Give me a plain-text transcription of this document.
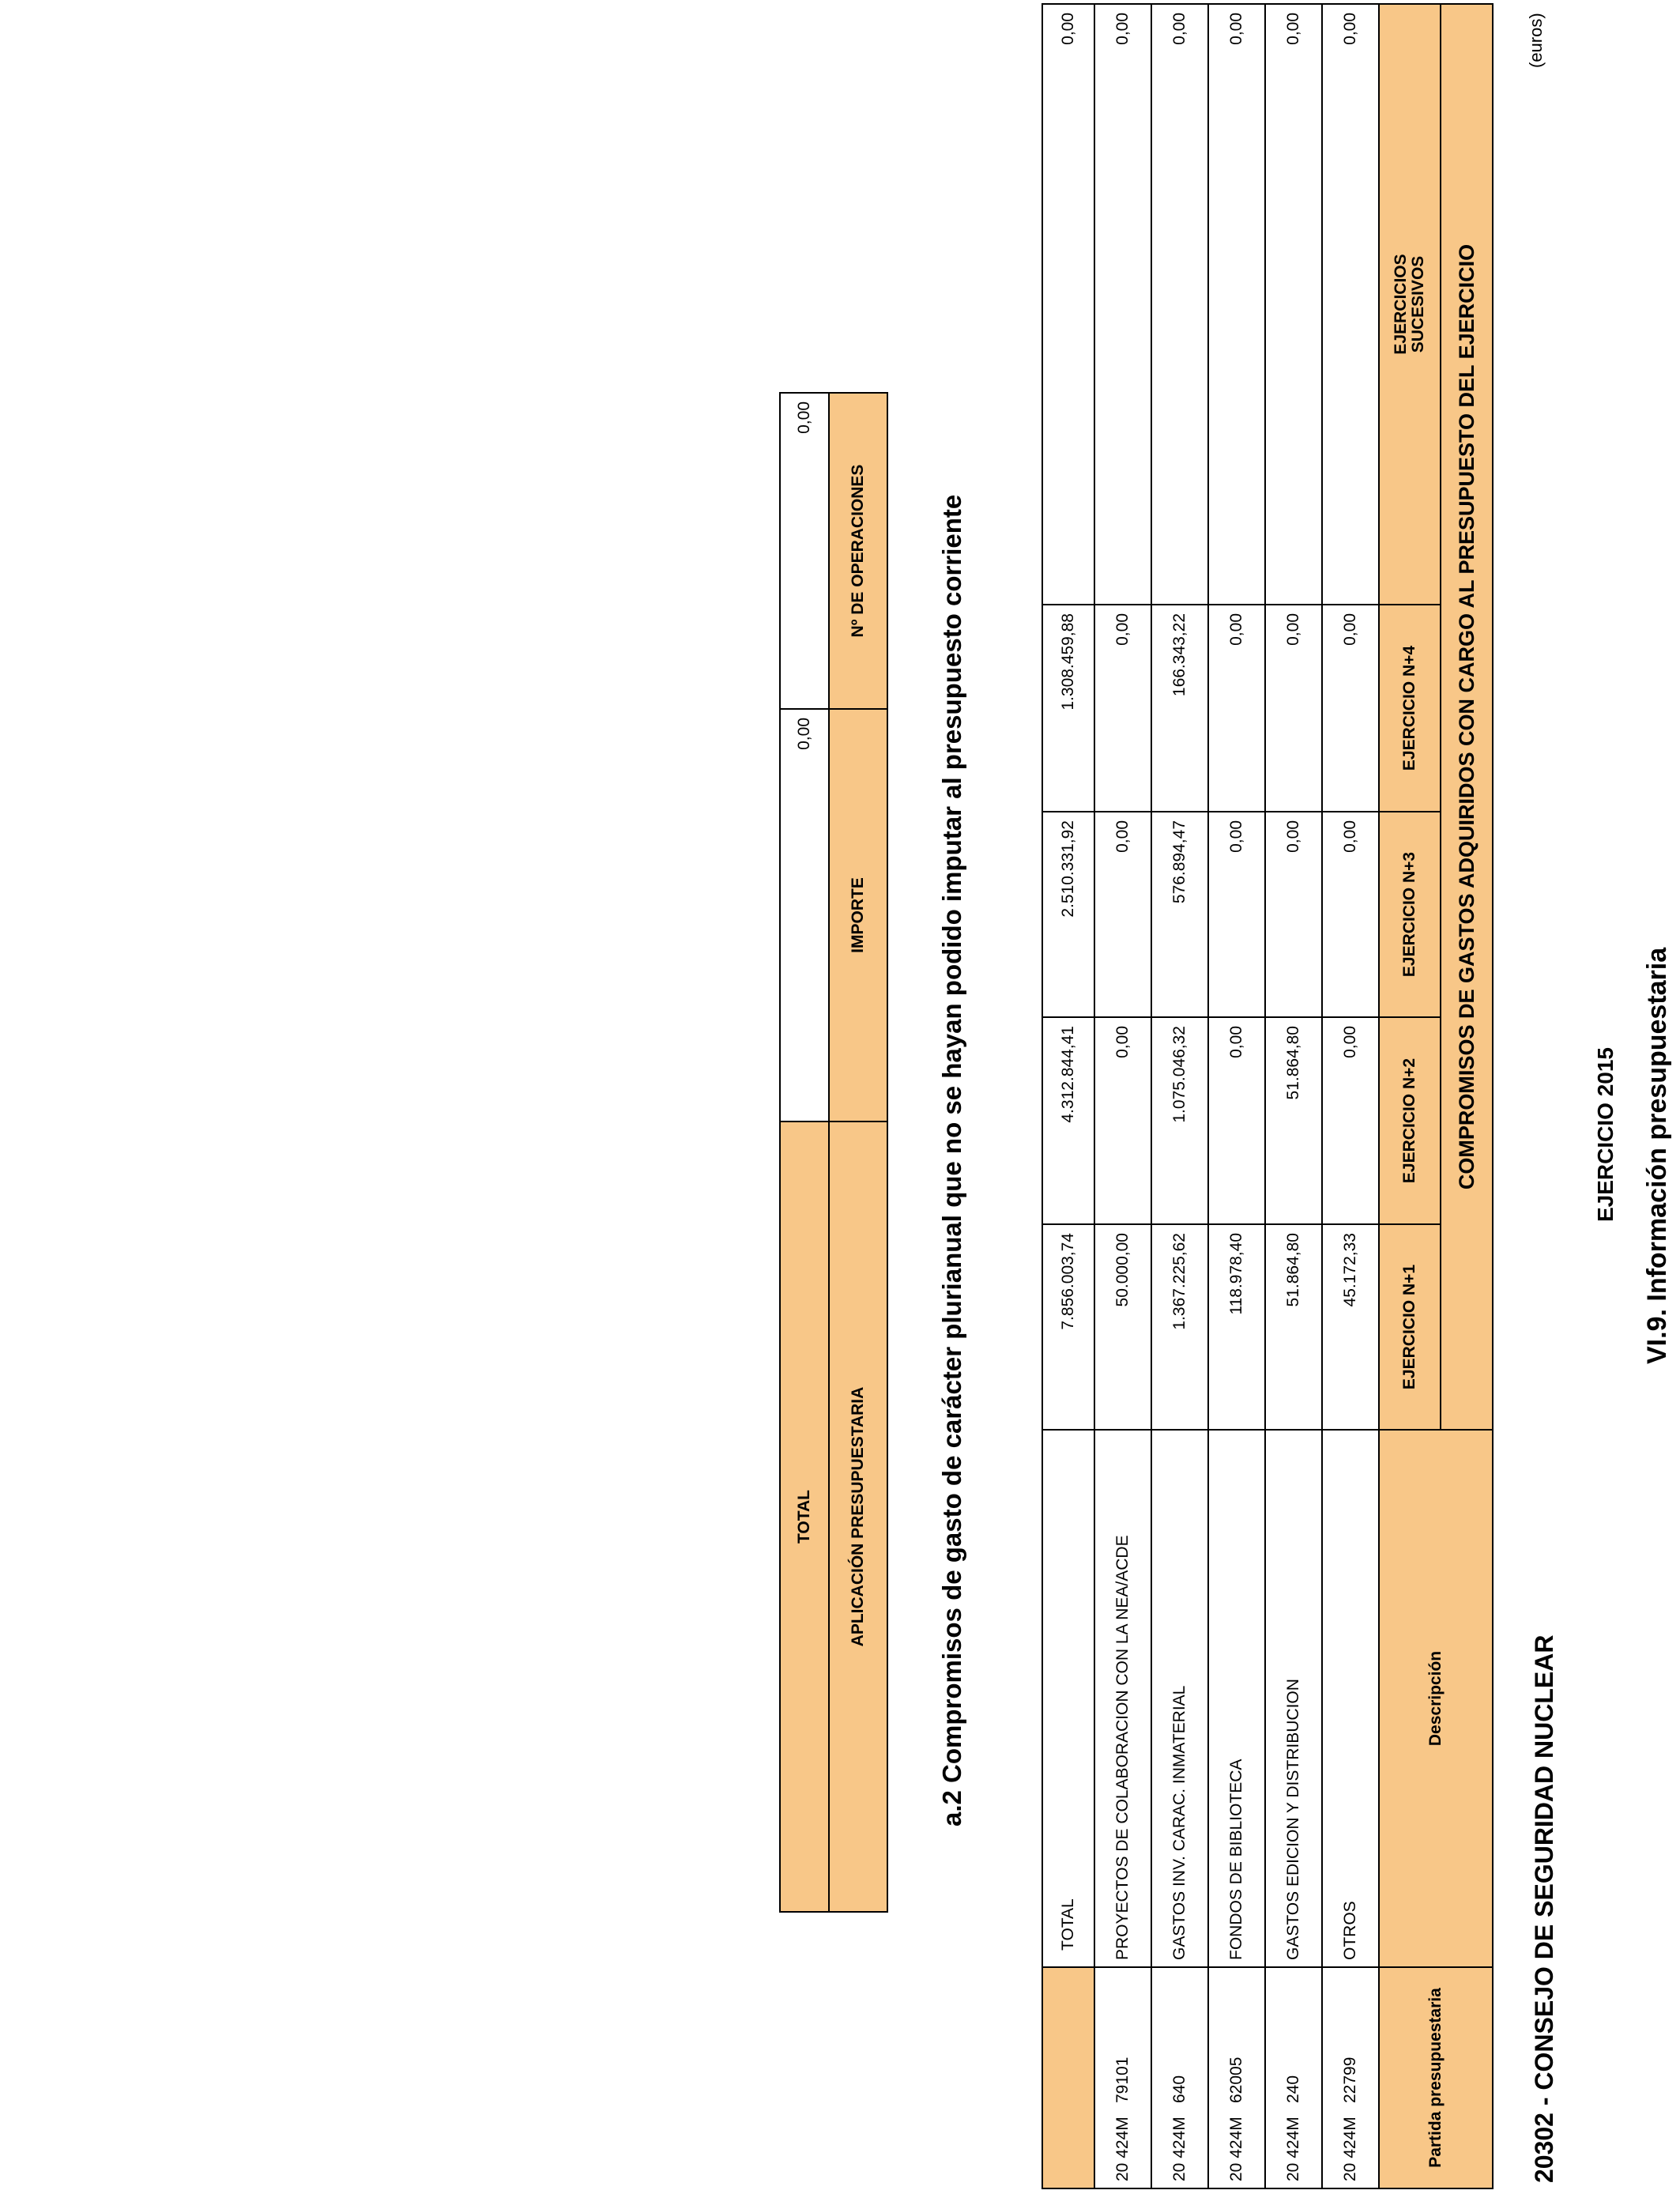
VI.9. Información presupuestaria
EJERCICIO 2015
20302 - CONSEJO DE SEGURIDAD NUCLEAR
(euros)
Partida presupuestaria		Descripción	COMPROMISOS DE GASTOS ADQUIRIDOS CON CARGO AL PRESUPUESTO DEL EJERCICIO				
			EJERCICIO N+1	EJERCICIO N+2	EJERCICIO N+3	EJERCICIO N+4	EJERCICIOS
SUCESIVOS
20 424M	22799	OTROS	45.172,33	0,00	0,00	0,00	0,00
20 424M	240	GASTOS EDICION Y DISTRIBUCION	51.864,80	51.864,80	0,00	0,00	0,00
20 424M	62005	FONDOS DE BIBLIOTECA	118.978,40	0,00	0,00	0,00	0,00
20 424M	640	GASTOS INV. CARAC. INMATERIAL	1.367.225,62	1.075.046,32	576.894,47	166.343,22	0,00
20 424M	79101	PROYECTOS DE COLABORACION CON LA NEA/ACDE	50.000,00	0,00	0,00	0,00	0,00
		TOTAL	7.856.003,74	4.312.844,41	2.510.331,92	1.308.459,88	0,00
a.2 Compromisos de gasto de carácter plurianual que no se hayan podido imputar al presupuesto corriente
APLICACIÓN PRESUPUESTARIA	IMPORTE	Nº DE OPERACIONES
TOTAL	0,00	0,00
